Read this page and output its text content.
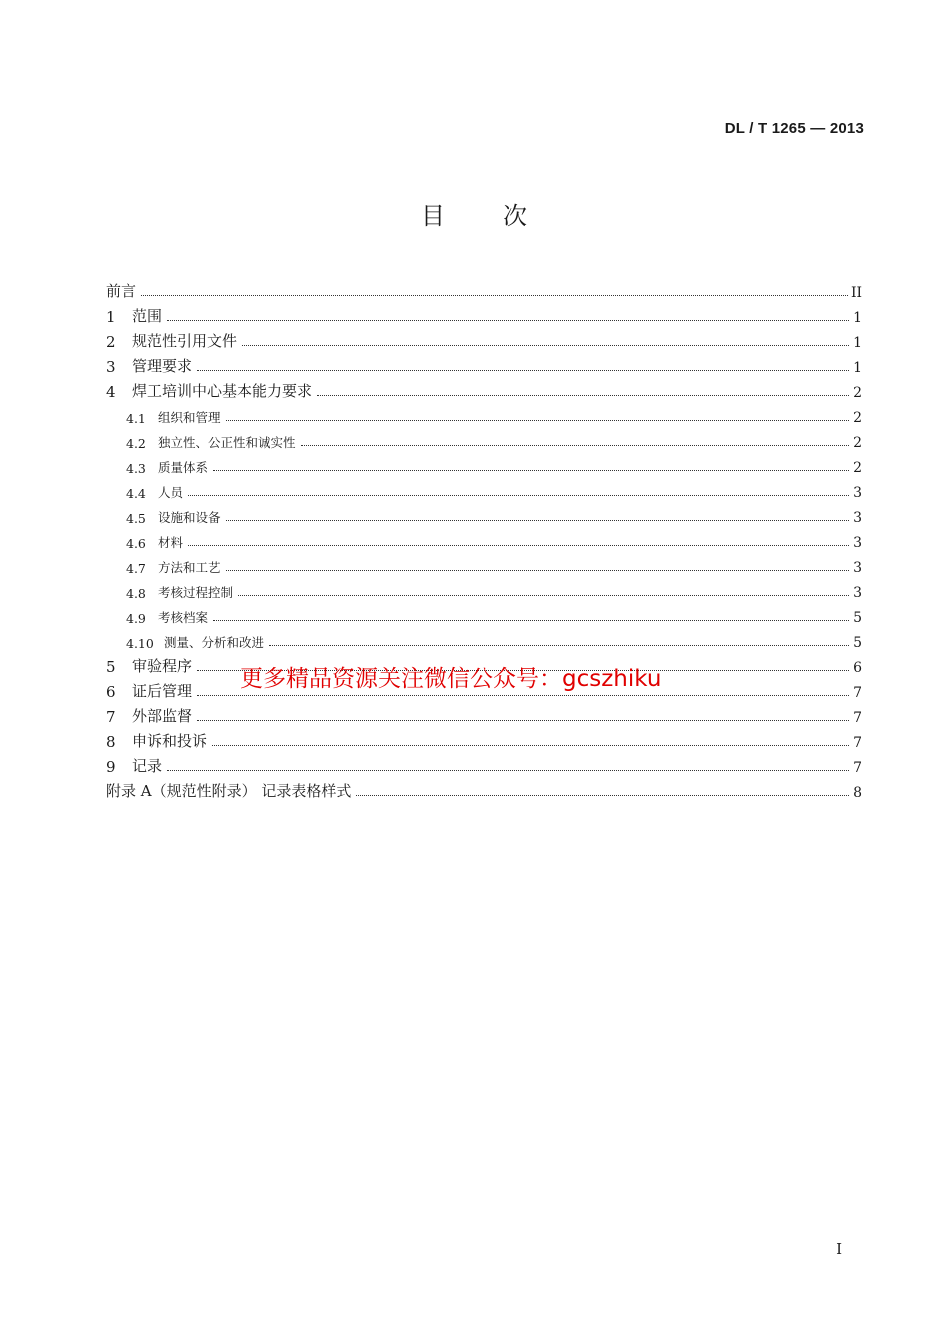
DL / T 1265 — 2013
目 次
前言	II
1	范围	1
2	规范性引用文件	1
3	管理要求	1
4	焊工培训中心基本能力要求	2
4.1 组织和管理	2
4.2 独立性、公正性和诚实性	2
4.3 质量体系	2
4.4 人员	3
4.5 设施和设备	3
4.6 材料	3
4.7 方法和工艺	3
4.8 考核过程控制	3
4.9 考核档案	5
4.10 测量、分析和改进	5
5	审验程序	6
6	证后管理	7
7	外部监督	7
8	申诉和投诉	7
9	记录	7
附录 A（规范性附录） 记录表格样式	8
更多精品资源关注微信公众号：gcszhiku
I
